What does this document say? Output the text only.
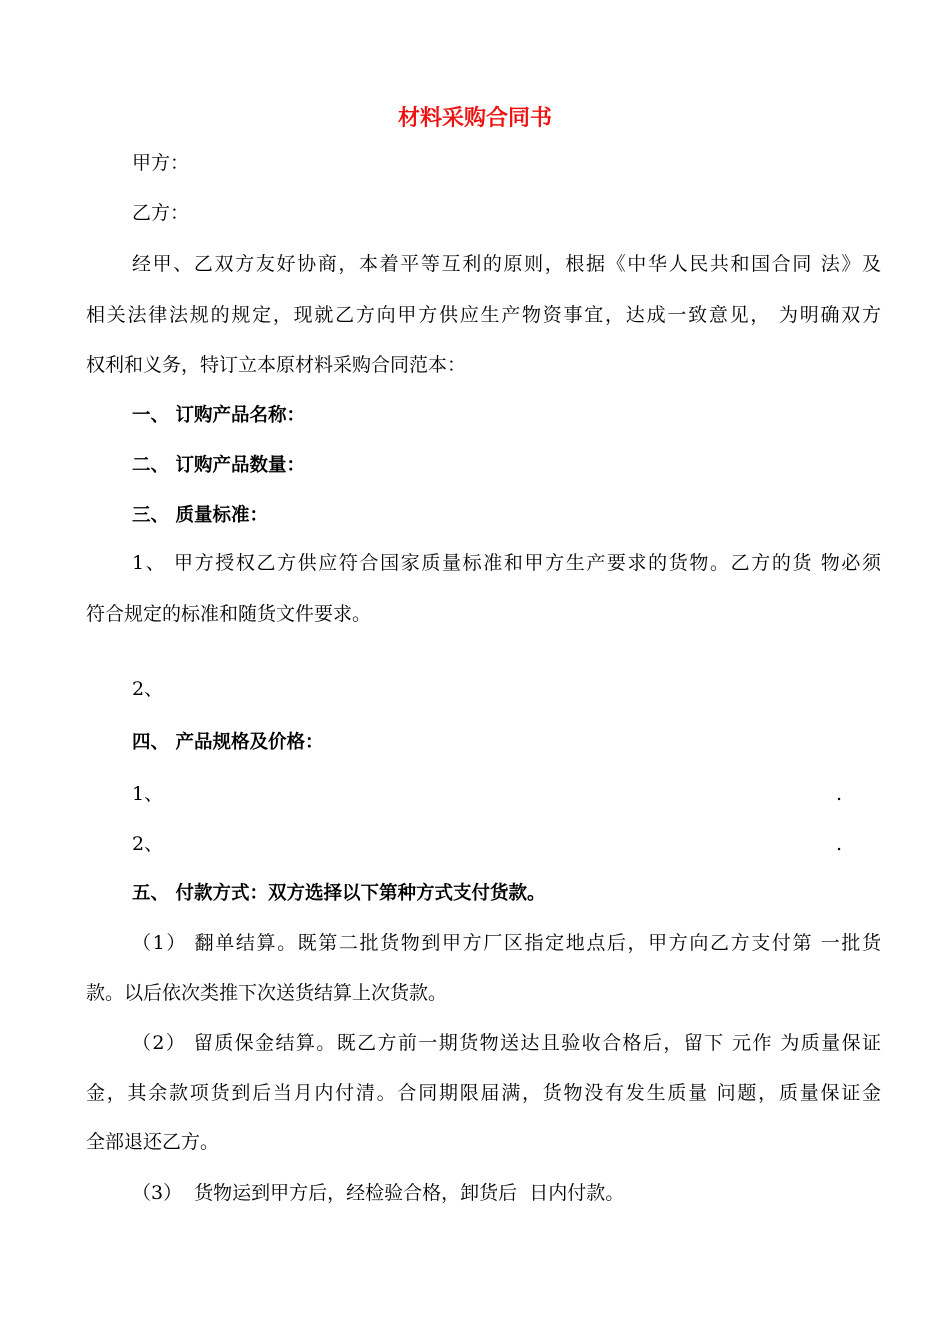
材料采购合同书
甲方：
乙方：
经甲、乙双方友好协商，本着平等互利的原则，根据《中华人民共和国合同 法》及
相关法律法规的规定，现就乙方向甲方供应生产物资事宜，达成一致意见， 为明确双方
权利和义务，特订立本原材料采购合同范本：
一、 订购产品名称：
二、 订购产品数量：
三、 质量标准：
1、 甲方授权乙方供应符合国家质量标准和甲方生产要求的货物。乙方的货 物必须
符合规定的标准和随货文件要求。
2、
四、 产品规格及价格：
1、	.
2、	.
五、 付款方式：双方选择以下第种方式支付货款。
（1） 翻单结算。既第二批货物到甲方厂区指定地点后，甲方向乙方支付第 一批货
款。以后依次类推下次送货结算上次货款。
（2） 留质保金结算。既乙方前一期货物送达且验收合格后，留下 元作 为质量保证
金，其余款项货到后当月内付清。合同期限届满，货物没有发生质量 问题，质量保证金
全部退还乙方。
（3）  货物运到甲方后，经检验合格，卸货后  日内付款。
